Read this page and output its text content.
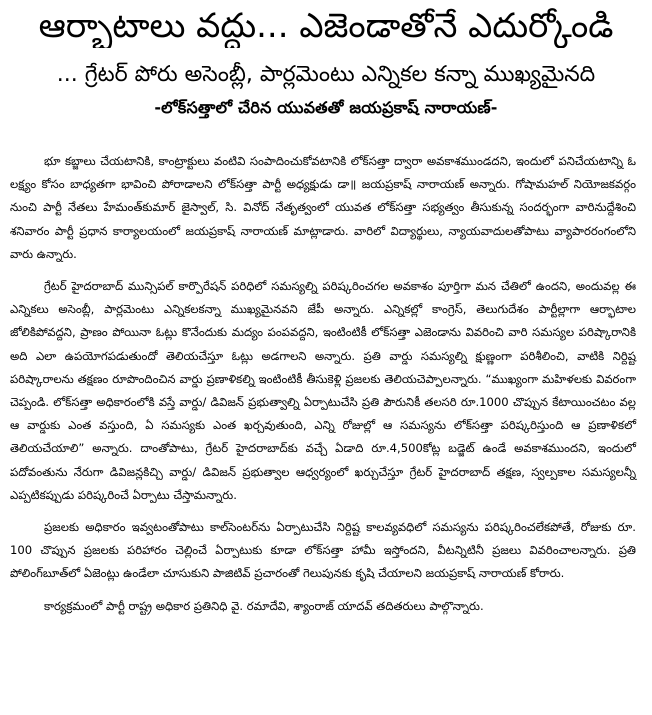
ఆర్భాటాలు వద్దు... ఎజెండాతోనే ఎదుర్కోండి
... గ్రేటర్ పోరు అసెంబ్లీ, పార్లమెంటు ఎన్నికల కన్నా ముఖ్యమైనది
-లోక్‌సత్తాలో చేరిన యువతతో జయప్రకాష్ నారాయణ్-

భూ కబ్జాలు చేయటానికి, కాంట్రాక్టులు వంటివి సంపాదించుకోవటానికి లోక్‌సత్తా ద్వారా అవకాశముండదని, ఇందులో పనిచేయటాన్ని ఓ లక్ష్యం కోసం బాధ్యతగా భావించి పోరాడాలని లోక్‌సత్తా పార్టీ అధ్యక్షుడు డా॥ జయప్రకాష్ నారాయణ్ అన్నారు. గోషామహల్ నియోజకవర్గం నుంచి పార్టీ నేతలు హేమంత్‌కుమార్ జైస్వాల్, సి. వినోద్ నేతృత్వంలో యువత లోక్‌సత్తా సభ్యత్వం తీసుకున్న సందర్భంగా వారినుద్దేశించి శనివారం పార్టీ ప్రధాన కార్యాలయంలో జయప్రకాష్ నారాయణ్ మాట్లాడారు. వారిలో విద్యార్థులు, న్యాయవాదులతోపాటు వ్యాపారరంగంలోని వారు ఉన్నారు.

గ్రేటర్ హైదరాబాద్ మున్సిపల్ కార్పొరేషన్ పరిధిలో సమస్యల్ని పరిష్కరించగల అవకాశం పూర్తిగా మన చేతిలో ఉందని, అందువల్ల ఈ ఎన్నికలు అసెంబ్లీ, పార్లమెంటు ఎన్నికలకన్నా ముఖ్యమైనవని జేపీ అన్నారు. ఎన్నికల్లో కాంగ్రెస్, తెలుగుదేశం పార్టీల్లాగా ఆర్భాటాల జోలికిపోవద్దని, ప్రాణం పోయినా ఓట్లు కొనేందుకు మద్యం పంపవద్దని, ఇంటింటికీ లోక్‌సత్తా ఎజెండాను వివరించి వారి సమస్యల పరిష్కారానికి అది ఎలా ఉపయోగపడుతుందో తెలియచేస్తూ ఓట్లు అడగాలని అన్నారు. ప్రతి వార్డు సమస్యల్ని క్షుణ్ణంగా పరిశీలించి, వాటికి నిర్దిష్ట పరిష్కారాలను తక్షణం రూపొందించిన వార్డు ప్రణాళికల్ని ఇంటింటికీ తీసుకెళ్లి ప్రజలకు తెలియచెప్పాలన్నారు. “ముఖ్యంగా మహిళలకు వివరంగా చెప్పండి. లోక్‌సత్తా అధికారంలోకి వస్తే వార్డు/ డివిజన్ ప్రభుత్వాల్ని ఏర్పాటుచేసి ప్రతి పౌరునికీ తలసరి రూ.1000 చొప్పున కేటాయించటం వల్ల ఆ వార్డుకు ఎంత వస్తుంది, ఏ సమస్యకు ఎంత ఖర్చవుతుంది, ఎన్ని రోజుల్లో ఆ సమస్యను లోక్‌సత్తా పరిష్కరిస్తుంది ఆ ప్రణాళికలో తెలియచేయాలి” అన్నారు. దాంతోపాటు, గ్రేటర్ హైదరాబాద్‌కు వచ్చే ఏడాది రూ.4,500కోట్ల బడ్జెట్ ఉండే అవకాశముందని, ఇందులో పదోవంతును నేరుగా డివిజన్లకిచ్చి వార్డు/ డివిజన్ ప్రభుత్వాల ఆధ్వర్యంలో ఖర్చుచేస్తూ గ్రేటర్ హైదరాబాద్ తక్షణ, స్వల్పకాల సమస్యలన్నీ ఎప్పటికప్పుడు పరిష్కరించే ఏర్పాటు చేస్తామన్నారు.

ప్రజలకు అధికారం ఇవ్వటంతోపాటు కాల్‌సెంటర్‌ను ఏర్పాటుచేసి నిర్దిష్ట కాలవ్యవధిలో సమస్యను పరిష్కరించలేకపోతే, రోజుకు రూ. 100 చొప్పున ప్రజలకు పరిహారం చెల్లించే ఏర్పాటుకు కూడా లోక్‌సత్తా హామీ ఇస్తోందని, వీటన్నిటినీ ప్రజలు వివరించాలన్నారు. ప్రతి పోలింగ్‌బూత్‌లో ఏజెంట్లు ఉండేలా చూసుకుని పాజిటివ్ ప్రచారంతో గెలుపునకు కృషి చేయాలని జయప్రకాష్ నారాయణ్ కోరారు.

కార్యక్రమంలో పార్టీ రాష్ట్ర అధికార ప్రతినిధి వై. రమాదేవి, శ్యాంరాజ్ యాదవ్ తదితరులు పాల్గొన్నారు.
